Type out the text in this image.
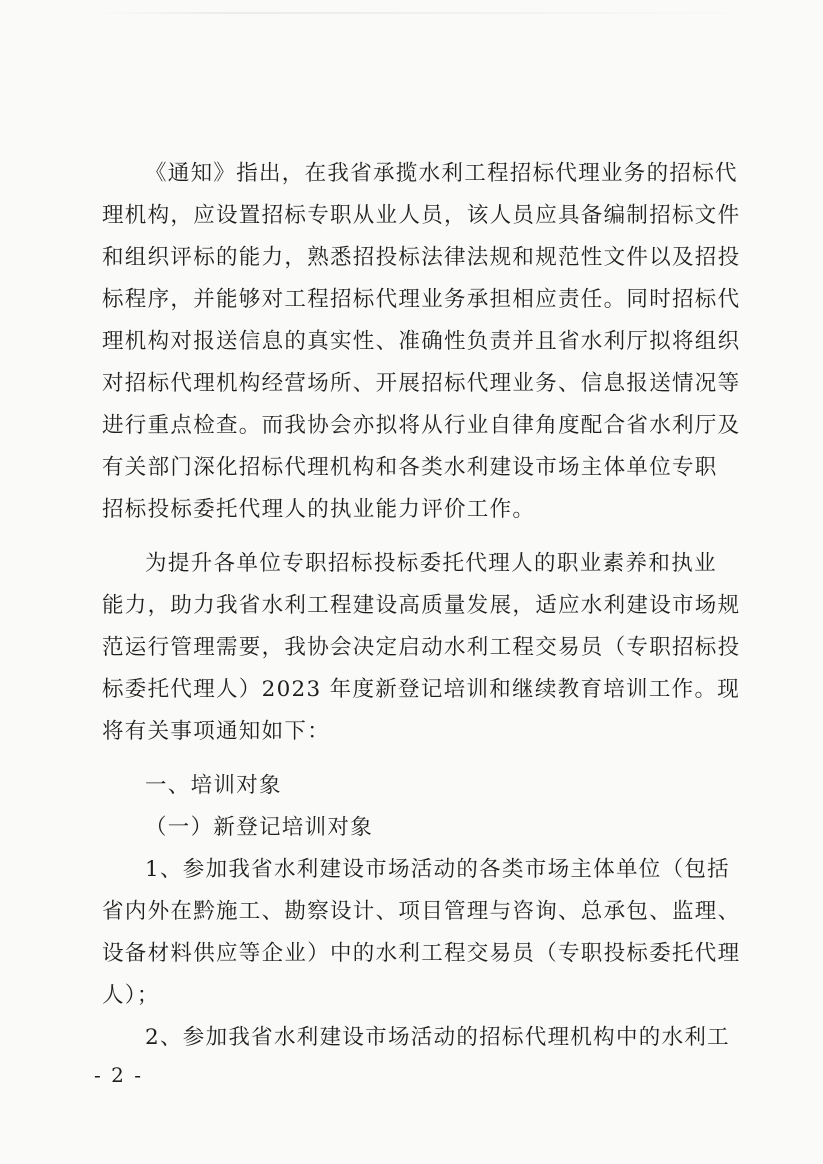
《通知》指出，在我省承揽水利工程招标代理业务的招标代
理机构，应设置招标专职从业人员，该人员应具备编制招标文件
和组织评标的能力，熟悉招投标法律法规和规范性文件以及招投
标程序，并能够对工程招标代理业务承担相应责任。同时招标代
理机构对报送信息的真实性、准确性负责并且省水利厅拟将组织
对招标代理机构经营场所、开展招标代理业务、信息报送情况等
进行重点检查。而我协会亦拟将从行业自律角度配合省水利厅及
有关部门深化招标代理机构和各类水利建设市场主体单位专职
招标投标委托代理人的执业能力评价工作。
为提升各单位专职招标投标委托代理人的职业素养和执业
能力，助力我省水利工程建设高质量发展，适应水利建设市场规
范运行管理需要，我协会决定启动水利工程交易员（专职招标投
标委托代理人）2023 年度新登记培训和继续教育培训工作。现
将有关事项通知如下：
一、培训对象
（一）新登记培训对象
1、参加我省水利建设市场活动的各类市场主体单位（包括
省内外在黔施工、勘察设计、项目管理与咨询、总承包、监理、
设备材料供应等企业）中的水利工程交易员（专职投标委托代理
人）；
2、参加我省水利建设市场活动的招标代理机构中的水利工
- 2 -
